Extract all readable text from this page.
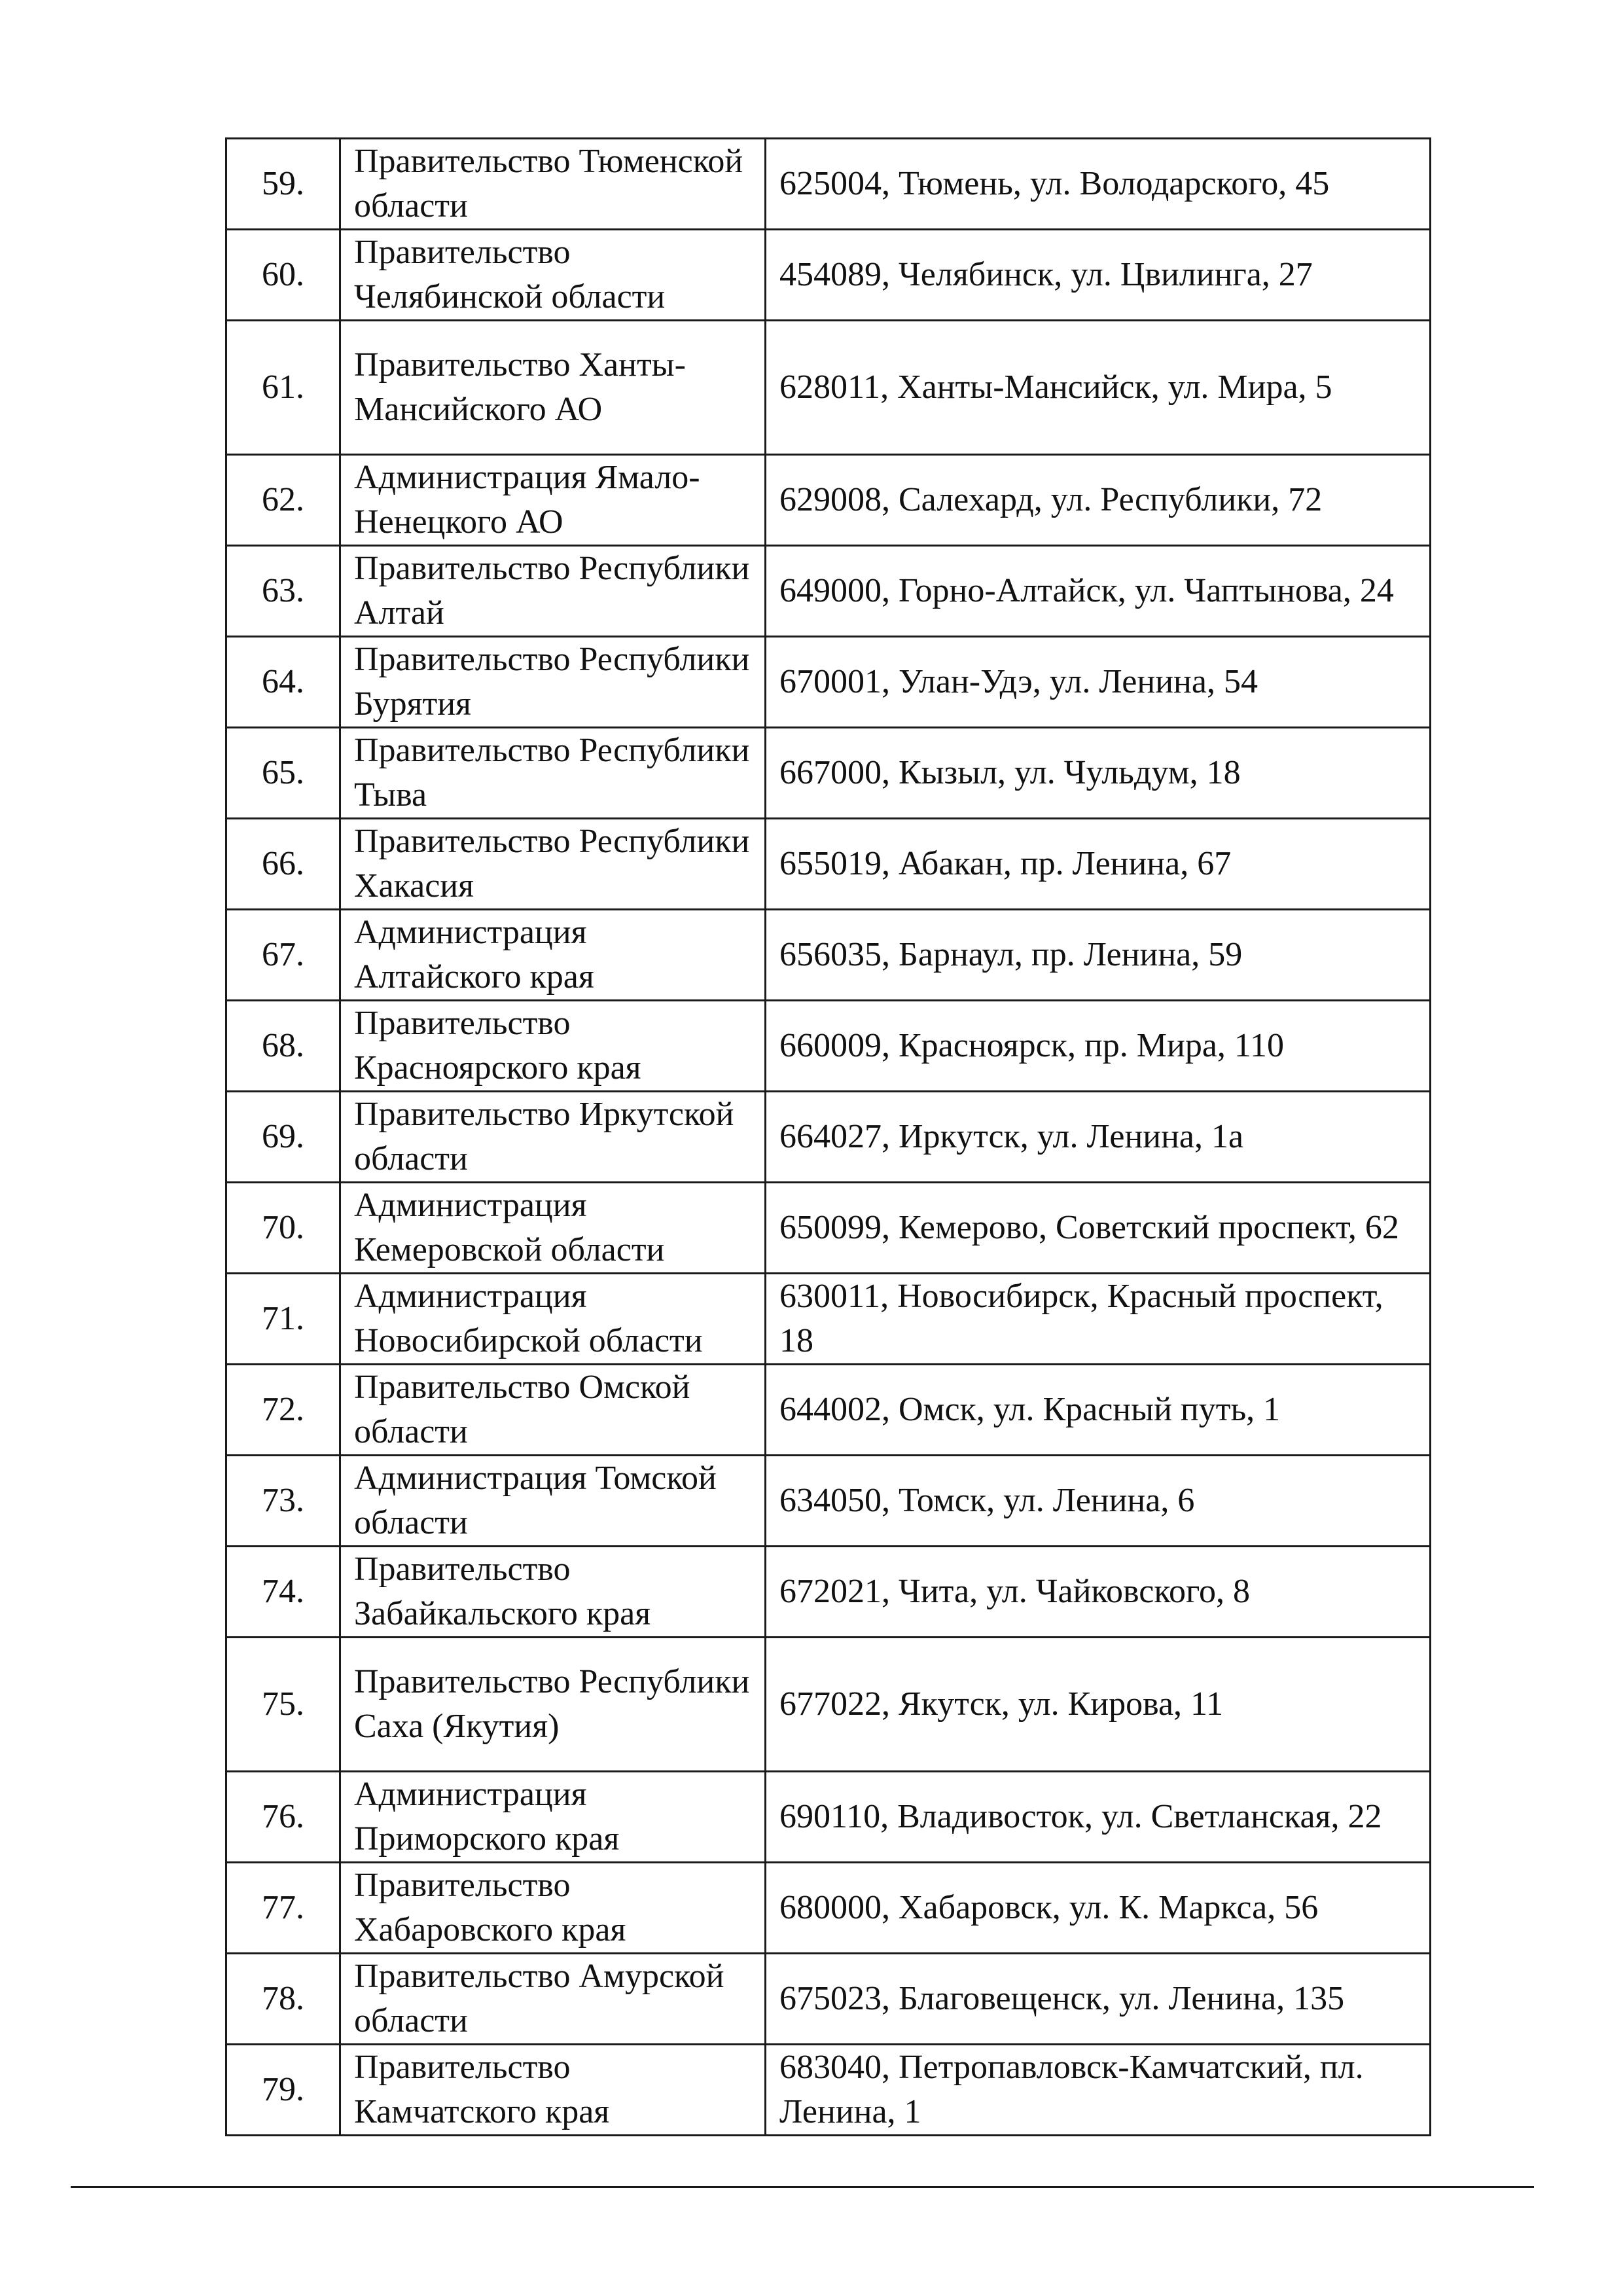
59.	Правительство Тюменской области	625004, Тюмень, ул. Володарского, 45
60.	Правительство Челябинской области	454089, Челябинск, ул. Цвилинга, 27
61.	Правительство Ханты-Мансийского АО	628011, Ханты-Мансийск, ул. Мира, 5
62.	Администрация Ямало-Ненецкого АО	629008, Салехард, ул. Республики, 72
63.	Правительство Республики Алтай	649000, Горно-Алтайск, ул. Чаптынова, 24
64.	Правительство Республики Бурятия	670001, Улан-Удэ, ул. Ленина, 54
65.	Правительство Республики Тыва	667000, Кызыл, ул. Чульдум, 18
66.	Правительство Республики Хакасия	655019, Абакан, пр. Ленина, 67
67.	Администрация Алтайского края	656035, Барнаул, пр. Ленина, 59
68.	Правительство Красноярского края	660009, Красноярск, пр. Мира, 110
69.	Правительство Иркутской области	664027, Иркутск, ул. Ленина, 1а
70.	Администрация Кемеровской области	650099, Кемерово, Советский проспект, 62
71.	Администрация Новосибирской области	630011, Новосибирск, Красный проспект, 18
72.	Правительство Омской области	644002, Омск, ул. Красный путь, 1
73.	Администрация Томской области	634050, Томск, ул. Ленина, 6
74.	Правительство Забайкальского края	672021, Чита, ул. Чайковского, 8
75.	Правительство Республики Саха (Якутия)	677022, Якутск, ул. Кирова, 11
76.	Администрация Приморского края	690110, Владивосток, ул. Светланская, 22
77.	Правительство Хабаровского края	680000, Хабаровск, ул. К. Маркса, 56
78.	Правительство Амурской области	675023, Благовещенск, ул. Ленина, 135
79.	Правительство Камчатского края	683040, Петропавловск-Камчатский, пл. Ленина, 1
